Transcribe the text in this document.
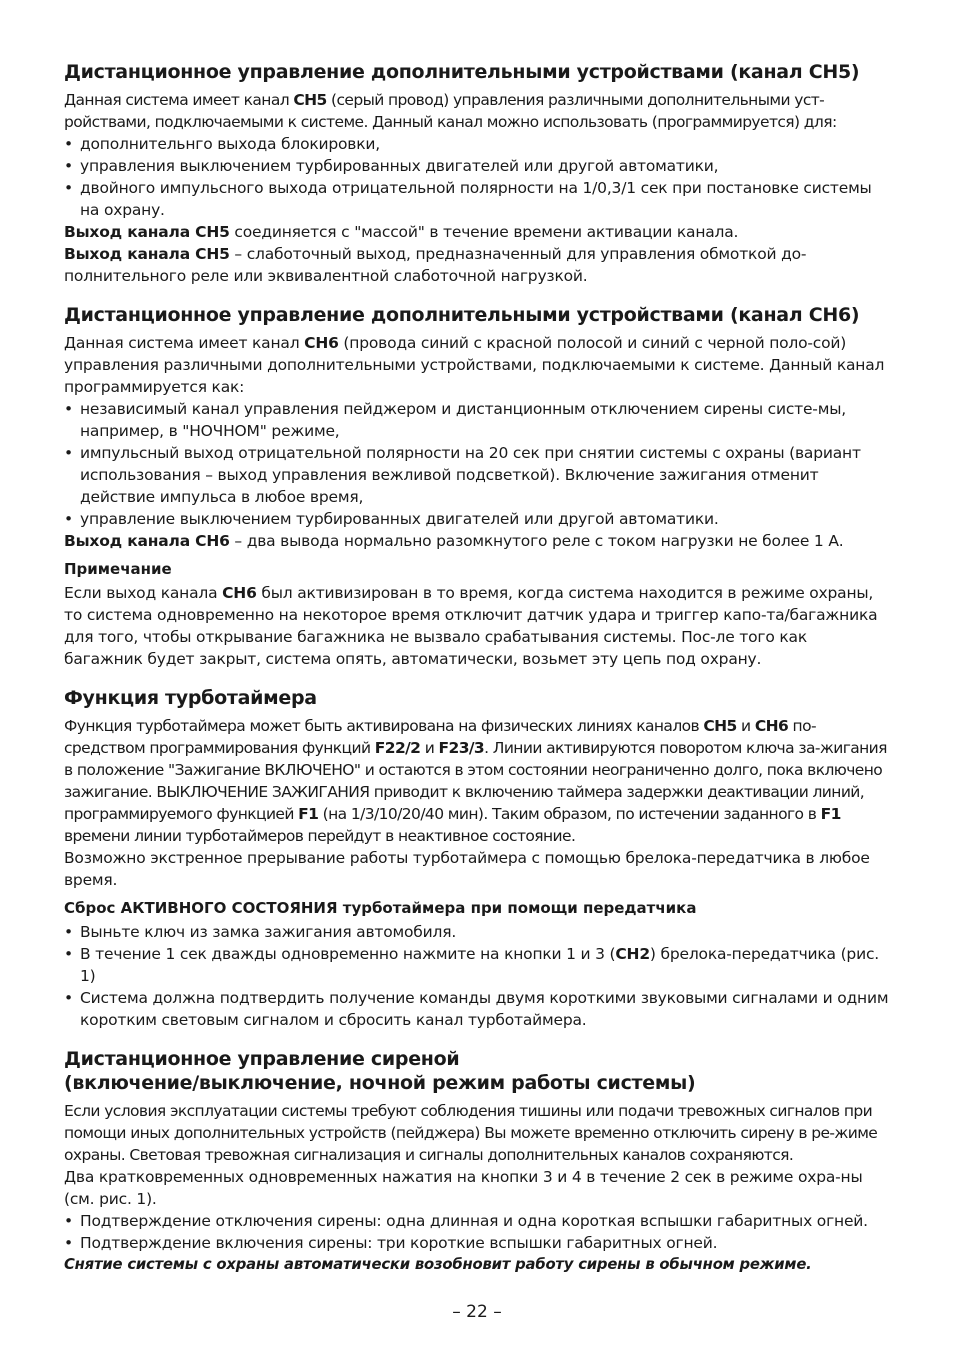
Дистанционное управление дополнительными устройствами (канал CH5)

Данная система имеет канал CH5 (серый провод) управления различными дополнительными уст-ройствами, подключаемыми к системе. Данный канал можно использовать (программируется) для:

• дополнительнго выхода блокировки,
• управления выключением турбированных двигателей или другой автоматики,
• двойного импульсного выхода отрицательной полярности на 1/0,3/1 сек при постановке системы на охрану.

Выход канала CH5 соединяется с "массой" в течение времени активации канала.

Выход канала CH5 – слаботочный выход, предназначенный для управления обмоткой до-полнительного реле или эквивалентной слаботочной нагрузкой.

Дистанционное управление дополнительными устройствами (канал CH6)

Данная система имеет канал CH6 (провода синий с красной полосой и синий с черной поло-сой) управления различными дополнительными устройствами, подключаемыми к системе. Данный канал программируется как:

• независимый канал управления пейджером и дистанционным отключением сирены систе-мы, например, в "НОЧНОМ" режиме,
• импульсный выход отрицательной полярности на 20 сек при снятии системы с охраны (вариант использования – выход управления вежливой подсветкой). Включение зажигания отменит действие импульса в любое время,
• управление выключением турбированных двигателей или другой автоматики.

Выход канала CH6 – два вывода нормально разомкнутого реле с током нагрузки не более 1 А.

Примечание

Если выход канала CH6 был активизирован в то время, когда система находится в режиме охраны, то система одновременно на некоторое время отключит датчик удара и триггер капо-та/багажника для того, чтобы открывание багажника не вызвало срабатывания системы. Пос-ле того как багажник будет закрыт, система опять, автоматически, возьмет эту цепь под охрану.

Функция турботаймера

Функция турботаймера может быть активирована на физических линиях каналов CH5 и CH6 по-средством программирования функций F22/2 и F23/3. Линии активируются поворотом ключа за-жигания в положение "Зажигание ВКЛЮЧЕНО" и остаются в этом состоянии неограниченно долго, пока включено зажигание. ВЫКЛЮЧЕНИЕ ЗАЖИГАНИЯ приводит к включению таймера задержки деактивации линий, программируемого функцией F1 (на 1/3/10/20/40 мин). Таким образом, по истечении заданного в F1 времени линии турботаймеров перейдут в неактивное состояние.

Возможно экстренное прерывание работы турботаймера с помощью брелока-передатчика в любое время.

Сброс АКТИВНОГО СОСТОЯНИЯ турботаймера при помощи передатчика
• Выньте ключ из замка зажигания автомобиля.
• В течение 1 сек дважды одновременно нажмите на кнопки 1 и 3 (CH2) брелока-передатчика (рис. 1)
• Система должна подтвердить получение команды двумя короткими звуковыми сигналами и одним коротким световым сигналом и сбросить канал турботаймера.
Дистанционное управление сиреной
(включение/выключение, ночной режим работы системы)

Если условия эксплуатации системы требуют соблюдения тишины или подачи тревожных сигналов при помощи иных дополнительных устройств (пейджера) Вы можете временно отключить сирену в ре-жиме охраны. Световая тревожная сигнализация и сигналы дополнительных каналов сохраняются.

Два кратковременных одновременных нажатия на кнопки 3 и 4 в течение 2 сек в режиме охра-ны (см. рис. 1).

• Подтверждение отключения сирены: одна длинная и одна короткая вспышки габаритных огней.
• Подтверждение включения сирены: три короткие вспышки габаритных огней.
Снятие системы с охраны автоматически возобновит работу сирены в обычном режиме.
– 22 –
